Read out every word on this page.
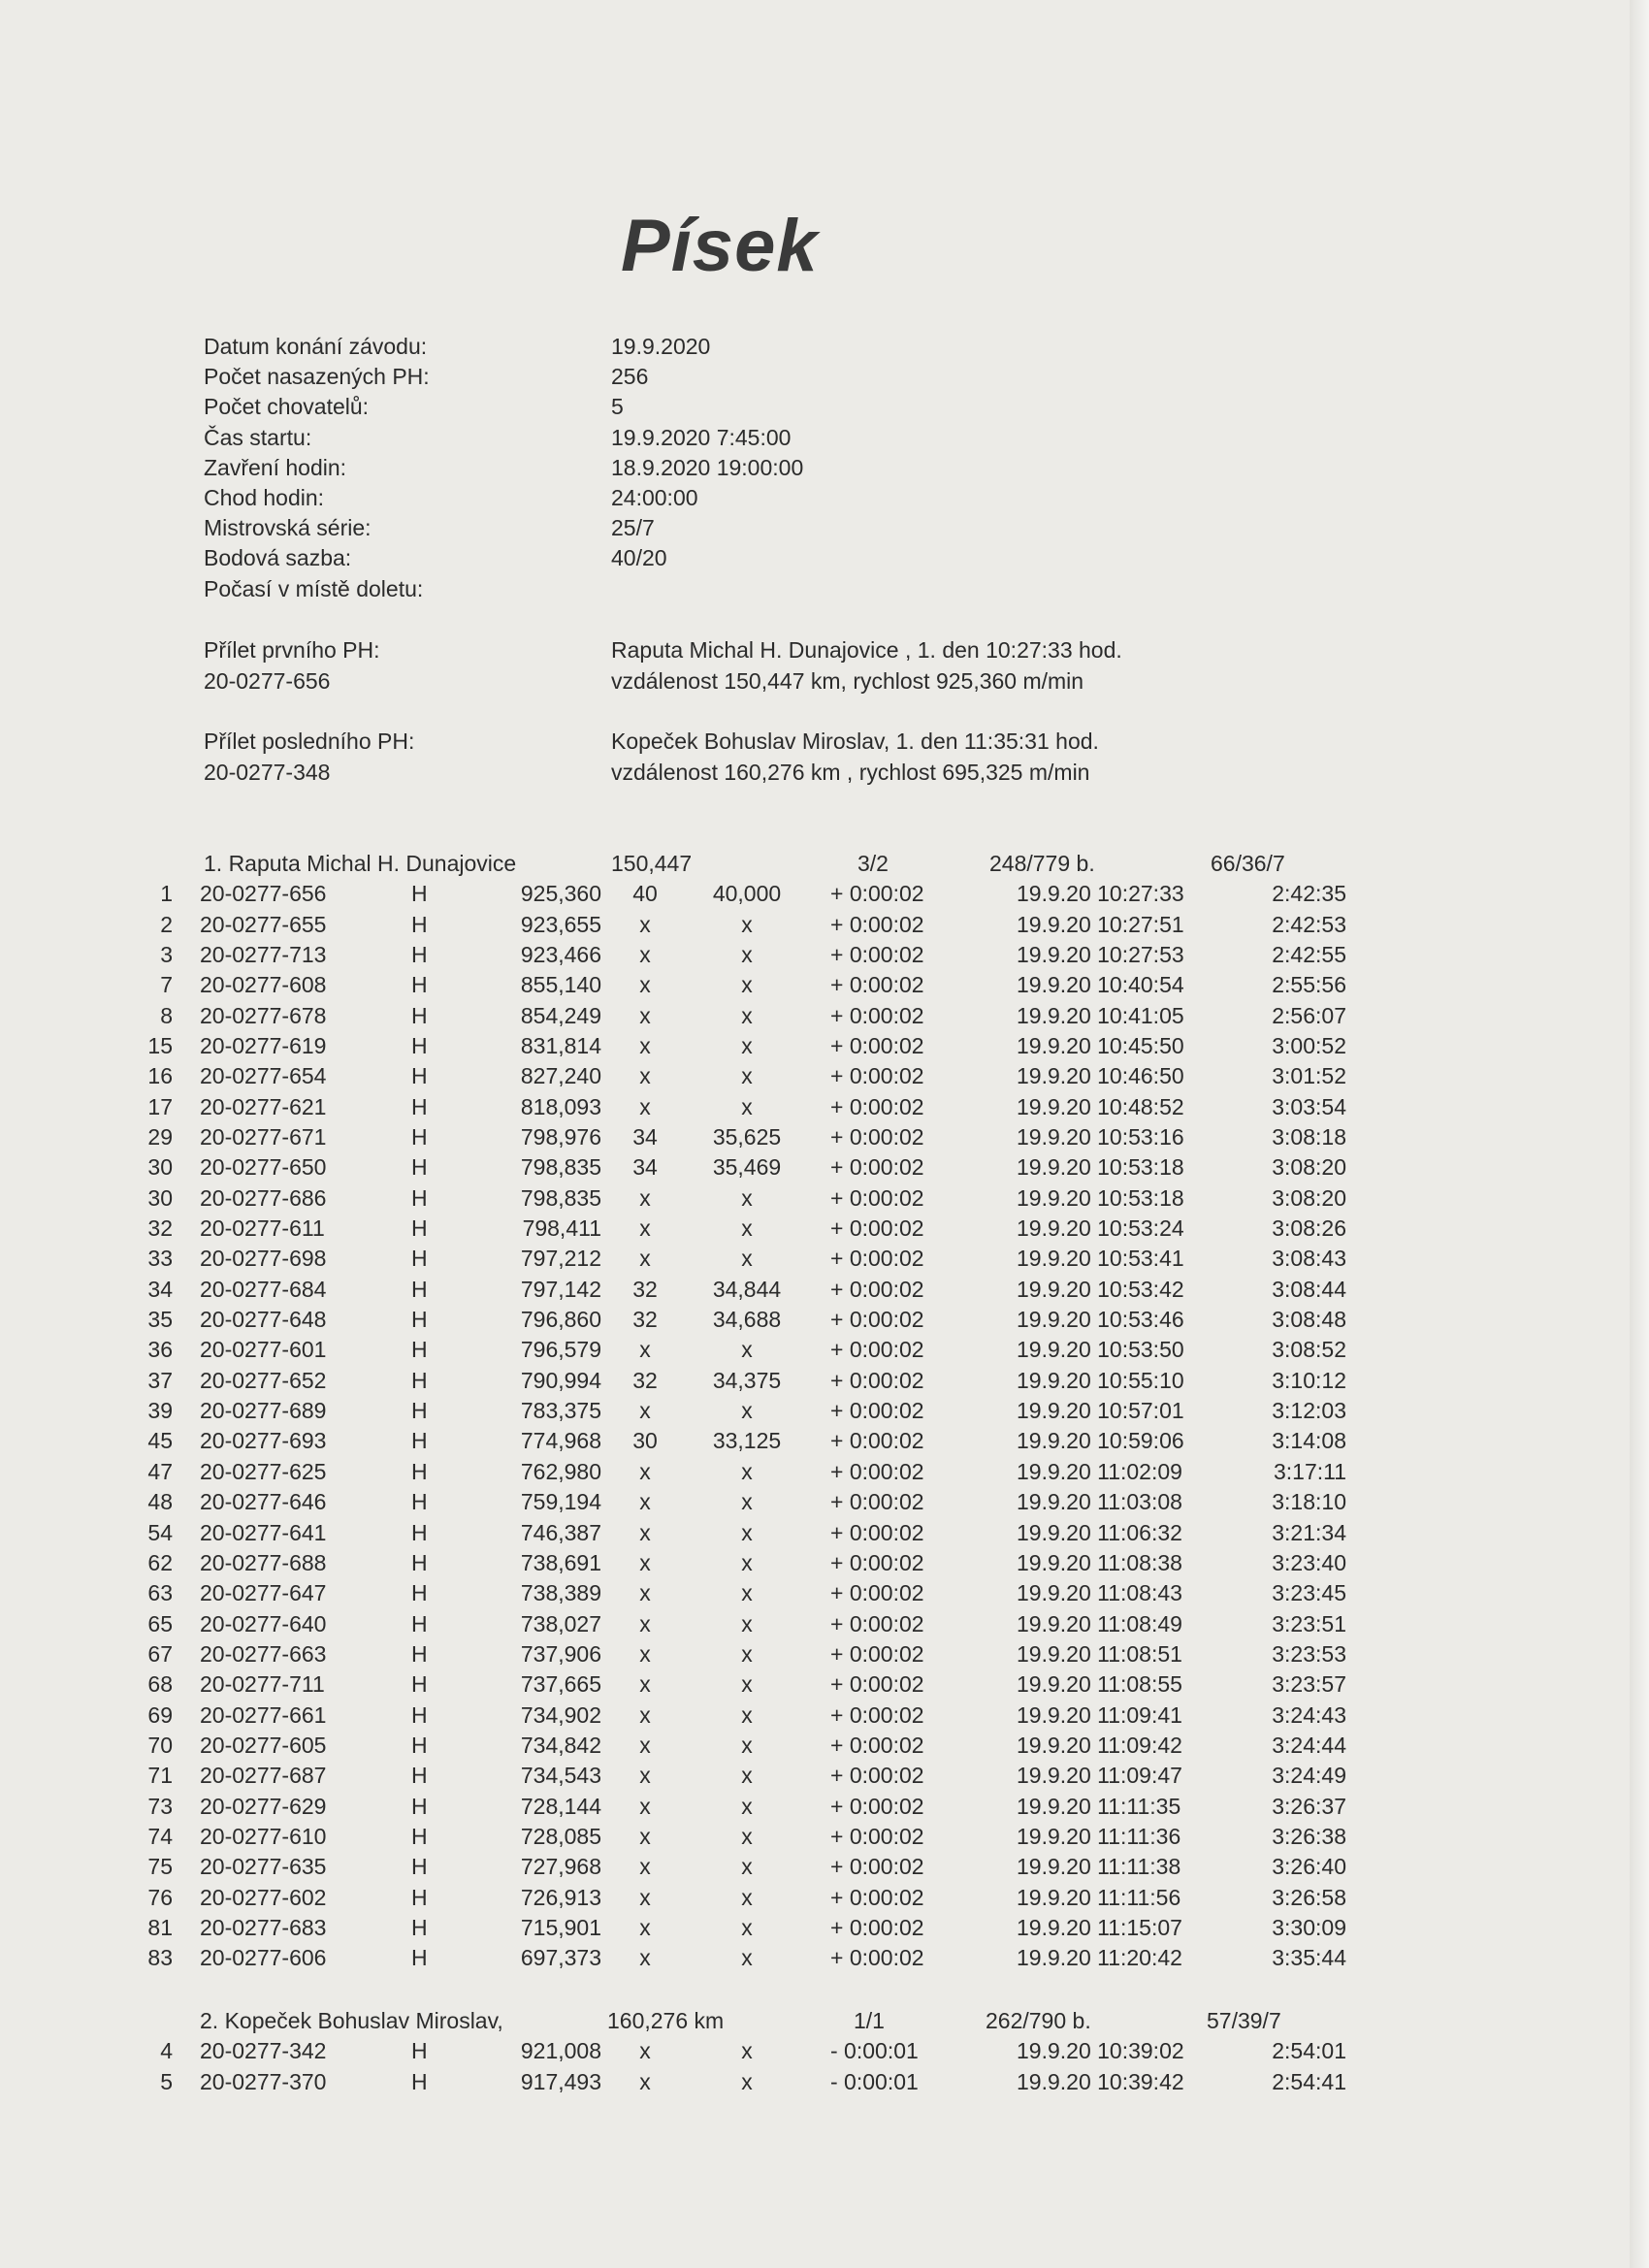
Písek
Datum konání závodu:	19.9.2020
Počet nasazených PH:	256
Počet chovatelů:	5
Čas startu:	19.9.2020 7:45:00
Zavření hodin:	18.9.2020 19:00:00
Chod hodin:	24:00:00
Mistrovská série:	25/7
Bodová sazba:	40/20
Počasí v místě doletu:
Přílet prvního PH:	Raputa Michal H. Dunajovice , 1. den 10:27:33 hod.
20-0277-656	vzdálenost 150,447 km, rychlost 925,360 m/min
Přílet posledního PH:	Kopeček Bohuslav Miroslav, 1. den 11:35:31 hod.
20-0277-348	vzdálenost 160,276 km , rychlost 695,325 m/min
1. Raputa Michal H. Dunajovice	150,447	3/2	248/779 b.	66/36/7
1 20-0277-656	H	925,360	40	40,000	+ 0:00:02	19.9.20 10:27:33	2:42:35
2 20-0277-655	H	923,655	x	x	+ 0:00:02	19.9.20 10:27:51	2:42:53
3 20-0277-713	H	923,466	x	x	+ 0:00:02	19.9.20 10:27:53	2:42:55
7 20-0277-608	H	855,140	x	x	+ 0:00:02	19.9.20 10:40:54	2:55:56
8 20-0277-678	H	854,249	x	x	+ 0:00:02	19.9.20 10:41:05	2:56:07
15 20-0277-619	H	831,814	x	x	+ 0:00:02	19.9.20 10:45:50	3:00:52
16 20-0277-654	H	827,240	x	x	+ 0:00:02	19.9.20 10:46:50	3:01:52
17 20-0277-621	H	818,093	x	x	+ 0:00:02	19.9.20 10:48:52	3:03:54
29 20-0277-671	H	798,976	34	35,625	+ 0:00:02	19.9.20 10:53:16	3:08:18
30 20-0277-650	H	798,835	34	35,469	+ 0:00:02	19.9.20 10:53:18	3:08:20
30 20-0277-686	H	798,835	x	x	+ 0:00:02	19.9.20 10:53:18	3:08:20
32 20-0277-611	H	798,411	x	x	+ 0:00:02	19.9.20 10:53:24	3:08:26
33 20-0277-698	H	797,212	x	x	+ 0:00:02	19.9.20 10:53:41	3:08:43
34 20-0277-684	H	797,142	32	34,844	+ 0:00:02	19.9.20 10:53:42	3:08:44
35 20-0277-648	H	796,860	32	34,688	+ 0:00:02	19.9.20 10:53:46	3:08:48
36 20-0277-601	H	796,579	x	x	+ 0:00:02	19.9.20 10:53:50	3:08:52
37 20-0277-652	H	790,994	32	34,375	+ 0:00:02	19.9.20 10:55:10	3:10:12
39 20-0277-689	H	783,375	x	x	+ 0:00:02	19.9.20 10:57:01	3:12:03
45 20-0277-693	H	774,968	30	33,125	+ 0:00:02	19.9.20 10:59:06	3:14:08
47 20-0277-625	H	762,980	x	x	+ 0:00:02	19.9.20 11:02:09	3:17:11
48 20-0277-646	H	759,194	x	x	+ 0:00:02	19.9.20 11:03:08	3:18:10
54 20-0277-641	H	746,387	x	x	+ 0:00:02	19.9.20 11:06:32	3:21:34
62 20-0277-688	H	738,691	x	x	+ 0:00:02	19.9.20 11:08:38	3:23:40
63 20-0277-647	H	738,389	x	x	+ 0:00:02	19.9.20 11:08:43	3:23:45
65 20-0277-640	H	738,027	x	x	+ 0:00:02	19.9.20 11:08:49	3:23:51
67 20-0277-663	H	737,906	x	x	+ 0:00:02	19.9.20 11:08:51	3:23:53
68 20-0277-711	H	737,665	x	x	+ 0:00:02	19.9.20 11:08:55	3:23:57
69 20-0277-661	H	734,902	x	x	+ 0:00:02	19.9.20 11:09:41	3:24:43
70 20-0277-605	H	734,842	x	x	+ 0:00:02	19.9.20 11:09:42	3:24:44
71 20-0277-687	H	734,543	x	x	+ 0:00:02	19.9.20 11:09:47	3:24:49
73 20-0277-629	H	728,144	x	x	+ 0:00:02	19.9.20 11:11:35	3:26:37
74 20-0277-610	H	728,085	x	x	+ 0:00:02	19.9.20 11:11:36	3:26:38
75 20-0277-635	H	727,968	x	x	+ 0:00:02	19.9.20 11:11:38	3:26:40
76 20-0277-602	H	726,913	x	x	+ 0:00:02	19.9.20 11:11:56	3:26:58
81 20-0277-683	H	715,901	x	x	+ 0:00:02	19.9.20 11:15:07	3:30:09
83 20-0277-606	H	697,373	x	x	+ 0:00:02	19.9.20 11:20:42	3:35:44
2. Kopeček Bohuslav Miroslav,	160,276 km	1/1	262/790 b.	57/39/7
4 20-0277-342	H	921,008	x	x	- 0:00:01	19.9.20 10:39:02	2:54:01
5 20-0277-370	H	917,493	x	x	- 0:00:01	19.9.20 10:39:42	2:54:41
